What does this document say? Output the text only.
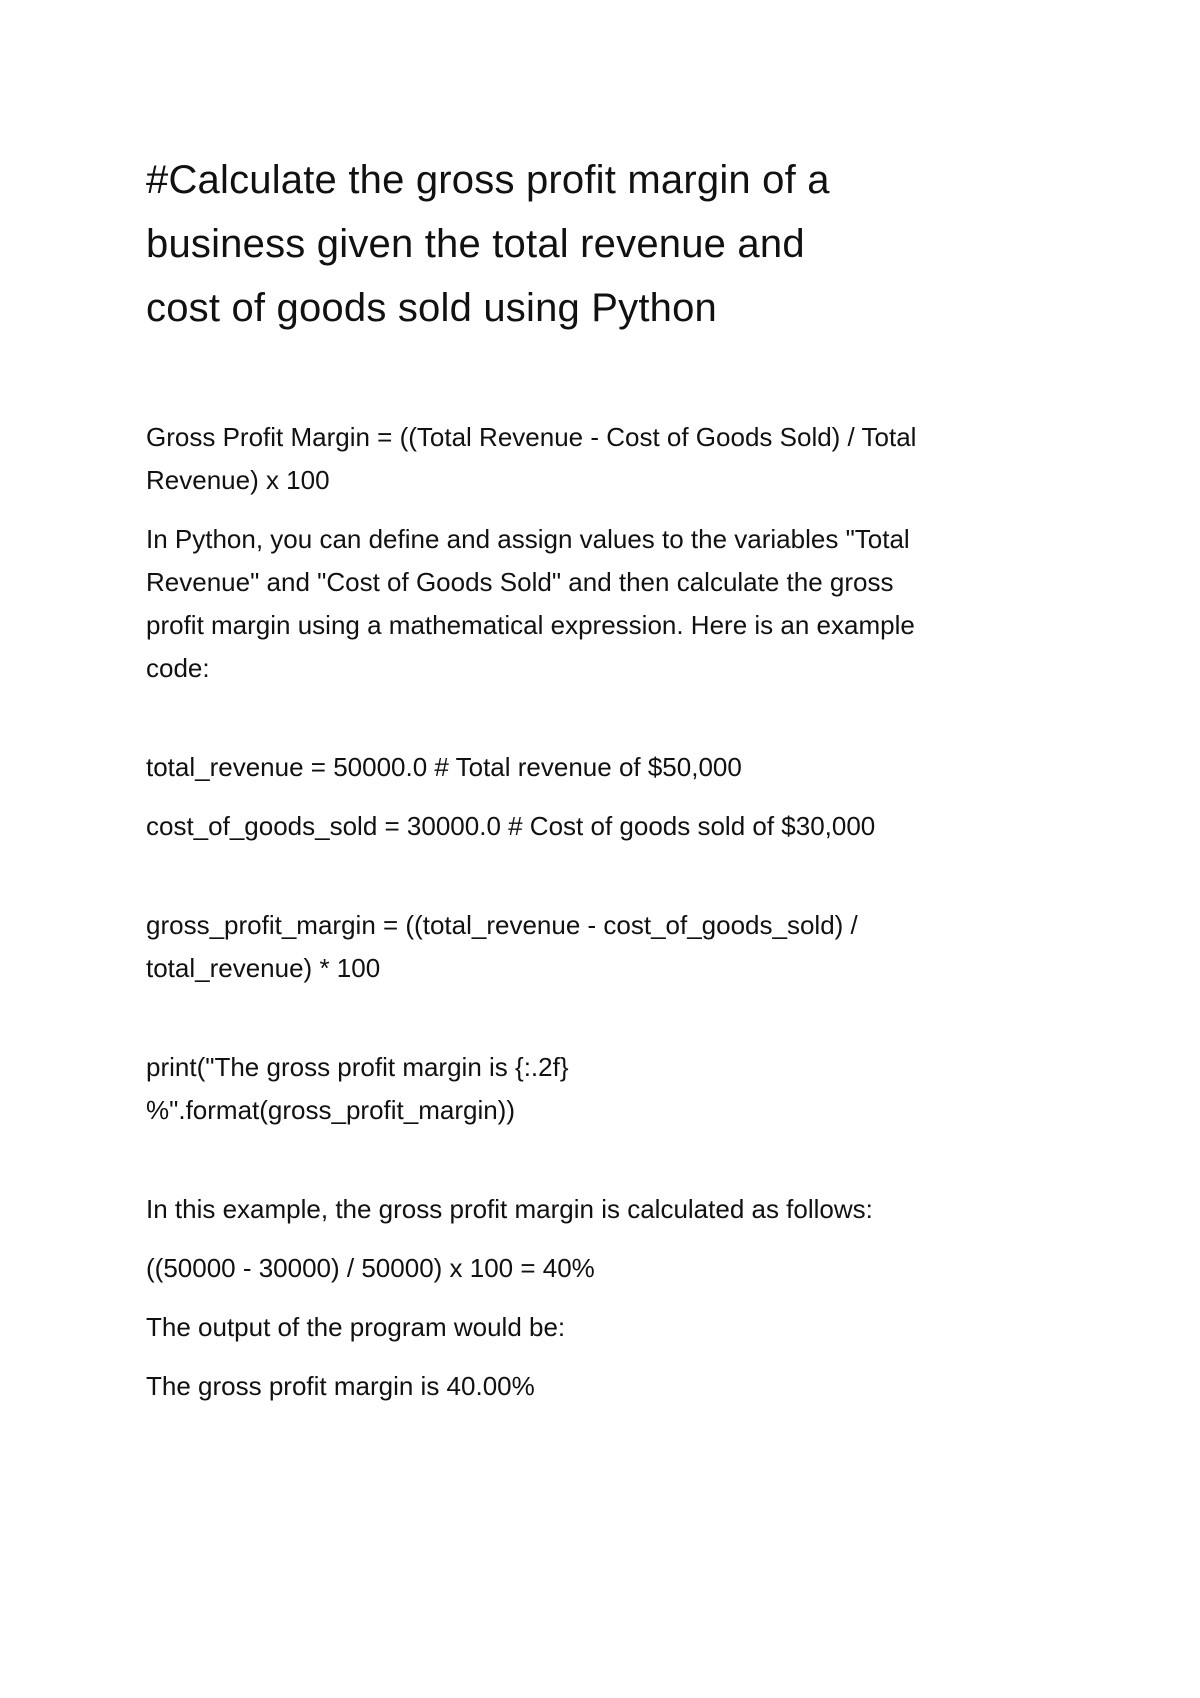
#Calculate the gross profit margin of a
business given the total revenue and
cost of goods sold using Python

Gross Profit Margin = ((Total Revenue - Cost of Goods Sold) / Total
Revenue) x 100

In Python, you can define and assign values to the variables "Total
Revenue" and "Cost of Goods Sold" and then calculate the gross
profit margin using a mathematical expression. Here is an example
code:

total_revenue = 50000.0 # Total revenue of $50,000

cost_of_goods_sold = 30000.0 # Cost of goods sold of $30,000

gross_profit_margin = ((total_revenue - cost_of_goods_sold) /
total_revenue) * 100

print("The gross profit margin is {:.2f}
%".format(gross_profit_margin))

In this example, the gross profit margin is calculated as follows:

((50000 - 30000) / 50000) x 100 = 40%

The output of the program would be:

The gross profit margin is 40.00%
